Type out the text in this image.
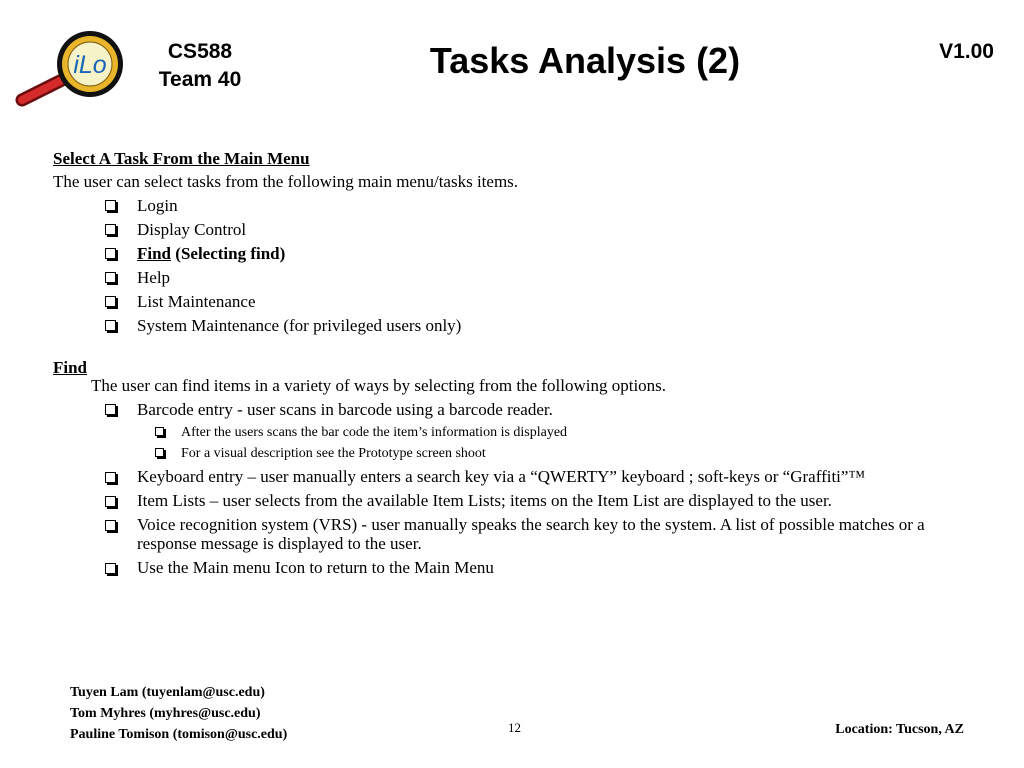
iLo	CS588
Team 40	Tasks Analysis (2)	V1.00
Select A Task From the Main Menu
The user can select tasks from the following main menu/tasks items.
Login
Display Control
Find (Selecting find)
Help
List Maintenance
System Maintenance (for privileged users only)
Find
The user can find items in a variety of ways by selecting from the following options.
Barcode entry - user scans in barcode using a barcode reader.
After the users scans the bar code the item’s information is displayed
For a visual description see the Prototype screen shoot
Keyboard entry – user manually enters a search key via a “QWERTY” keyboard ; soft-keys or “Graffiti”™
Item Lists – user selects from the available Item Lists; items on the Item List are displayed to the user.
Voice recognition system (VRS) - user manually speaks the search key to the system. A list of possible matches or a response message is displayed to the user.
Use the Main menu Icon to return to the Main Menu
Tuyen Lam (tuyenlam@usc.edu)
Tom Myhres (myhres@usc.edu)
Pauline Tomison (tomison@usc.edu)	12	Location: Tucson, AZ
